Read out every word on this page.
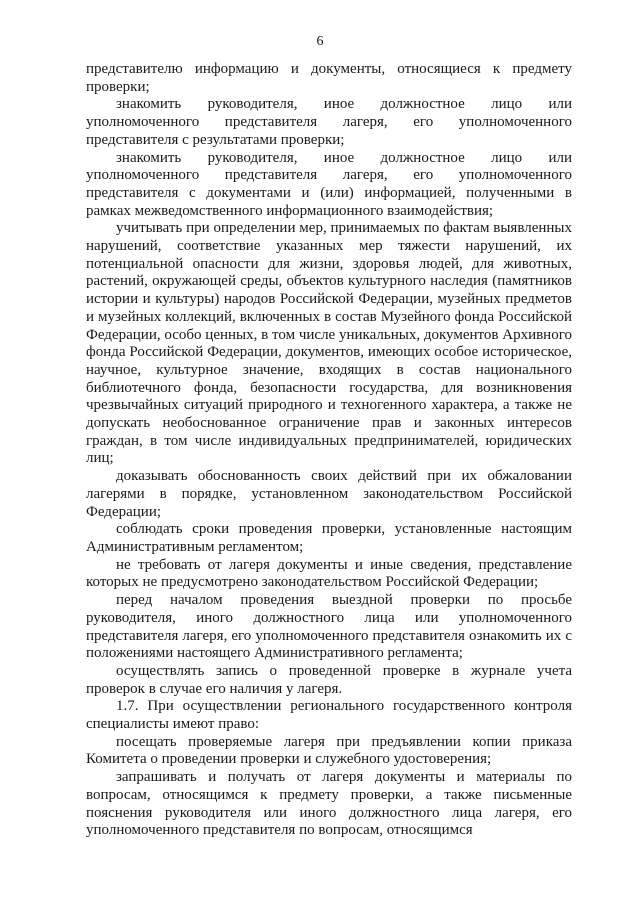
6

представителю информацию и документы, относящиеся к предмету проверки;

знакомить руководителя, иное должностное лицо или уполномоченного представителя лагеря, его уполномоченного представителя с результатами проверки;

знакомить руководителя, иное должностное лицо или уполномоченного представителя лагеря, его уполномоченного представителя с документами и (или) информацией, полученными в рамках межведомственного информационного взаимодействия;

учитывать при определении мер, принимаемых по фактам выявленных нарушений, соответствие указанных мер тяжести нарушений, их потенциальной опасности для жизни, здоровья людей, для животных, растений, окружающей среды, объектов культурного наследия (памятников истории и культуры) народов Российской Федерации, музейных предметов и музейных коллекций, включенных в состав Музейного фонда Российской Федерации, особо ценных, в том числе уникальных, документов Архивного фонда Российской Федерации, документов, имеющих особое историческое, научное, культурное значение, входящих в состав национального библиотечного фонда, безопасности государства, для возникновения чрезвычайных ситуаций природного и техногенного характера, а также не допускать необоснованное ограничение прав и законных интересов граждан, в том числе индивидуальных предпринимателей, юридических лиц;

доказывать обоснованность своих действий при их обжаловании лагерями в порядке, установленном законодательством Российской Федерации;

соблюдать сроки проведения проверки, установленные настоящим Административным регламентом;

не требовать от лагеря документы и иные сведения, представление которых не предусмотрено законодательством Российской Федерации;

перед началом проведения выездной проверки по просьбе руководителя, иного должностного лица или уполномоченного представителя лагеря, его уполномоченного представителя ознакомить их с положениями настоящего Административного регламента;

осуществлять запись о проведенной проверке в журнале учета проверок в случае его наличия у лагеря.

1.7. При осуществлении регионального государственного контроля специалисты имеют право:

посещать проверяемые лагеря при предъявлении копии приказа Комитета о проведении проверки и служебного удостоверения;

запрашивать и получать от лагеря документы и материалы по вопросам, относящимся к предмету проверки, а также письменные пояснения руководителя или иного должностного лица лагеря, его уполномоченного представителя по вопросам, относящимся
